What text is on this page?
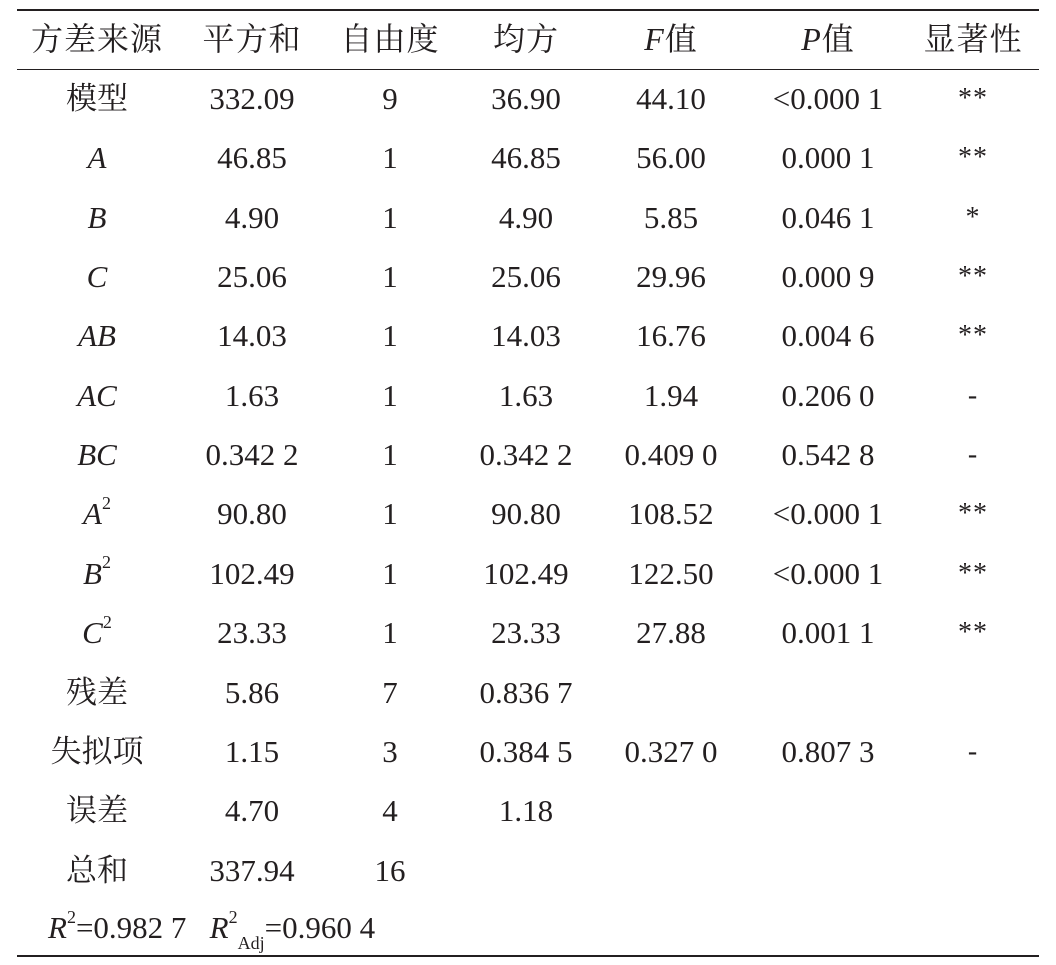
方差来源	平方和	自由度	均方	F值	P值	显著性
模型	332.09	9	36.90	44.10	<0.000 1	**
A	46.85	1	46.85	56.00	0.000 1	**
B	4.90	1	4.90	5.85	0.046 1	*
C	25.06	1	25.06	29.96	0.000 9	**
AB	14.03	1	14.03	16.76	0.004 6	**
AC	1.63	1	1.63	1.94	0.206 0	-
BC	0.342 2	1	0.342 2	0.409 0	0.542 8	-
$A^2$	90.80	1	90.80	108.52	<0.000 1	**
$B^2$	102.49	1	102.49	122.50	<0.000 1	**
$C^2$	23.33	1	23.33	27.88	0.001 1	**
残差	5.86	7	0.836 7
失拟项	1.15	3	0.384 5	0.327 0	0.807 3	-
误差	4.70	4	1.18
总和	337.94	16
$R^2=0.982$ 7 $R^2_{Adj}=0.960$ 4
